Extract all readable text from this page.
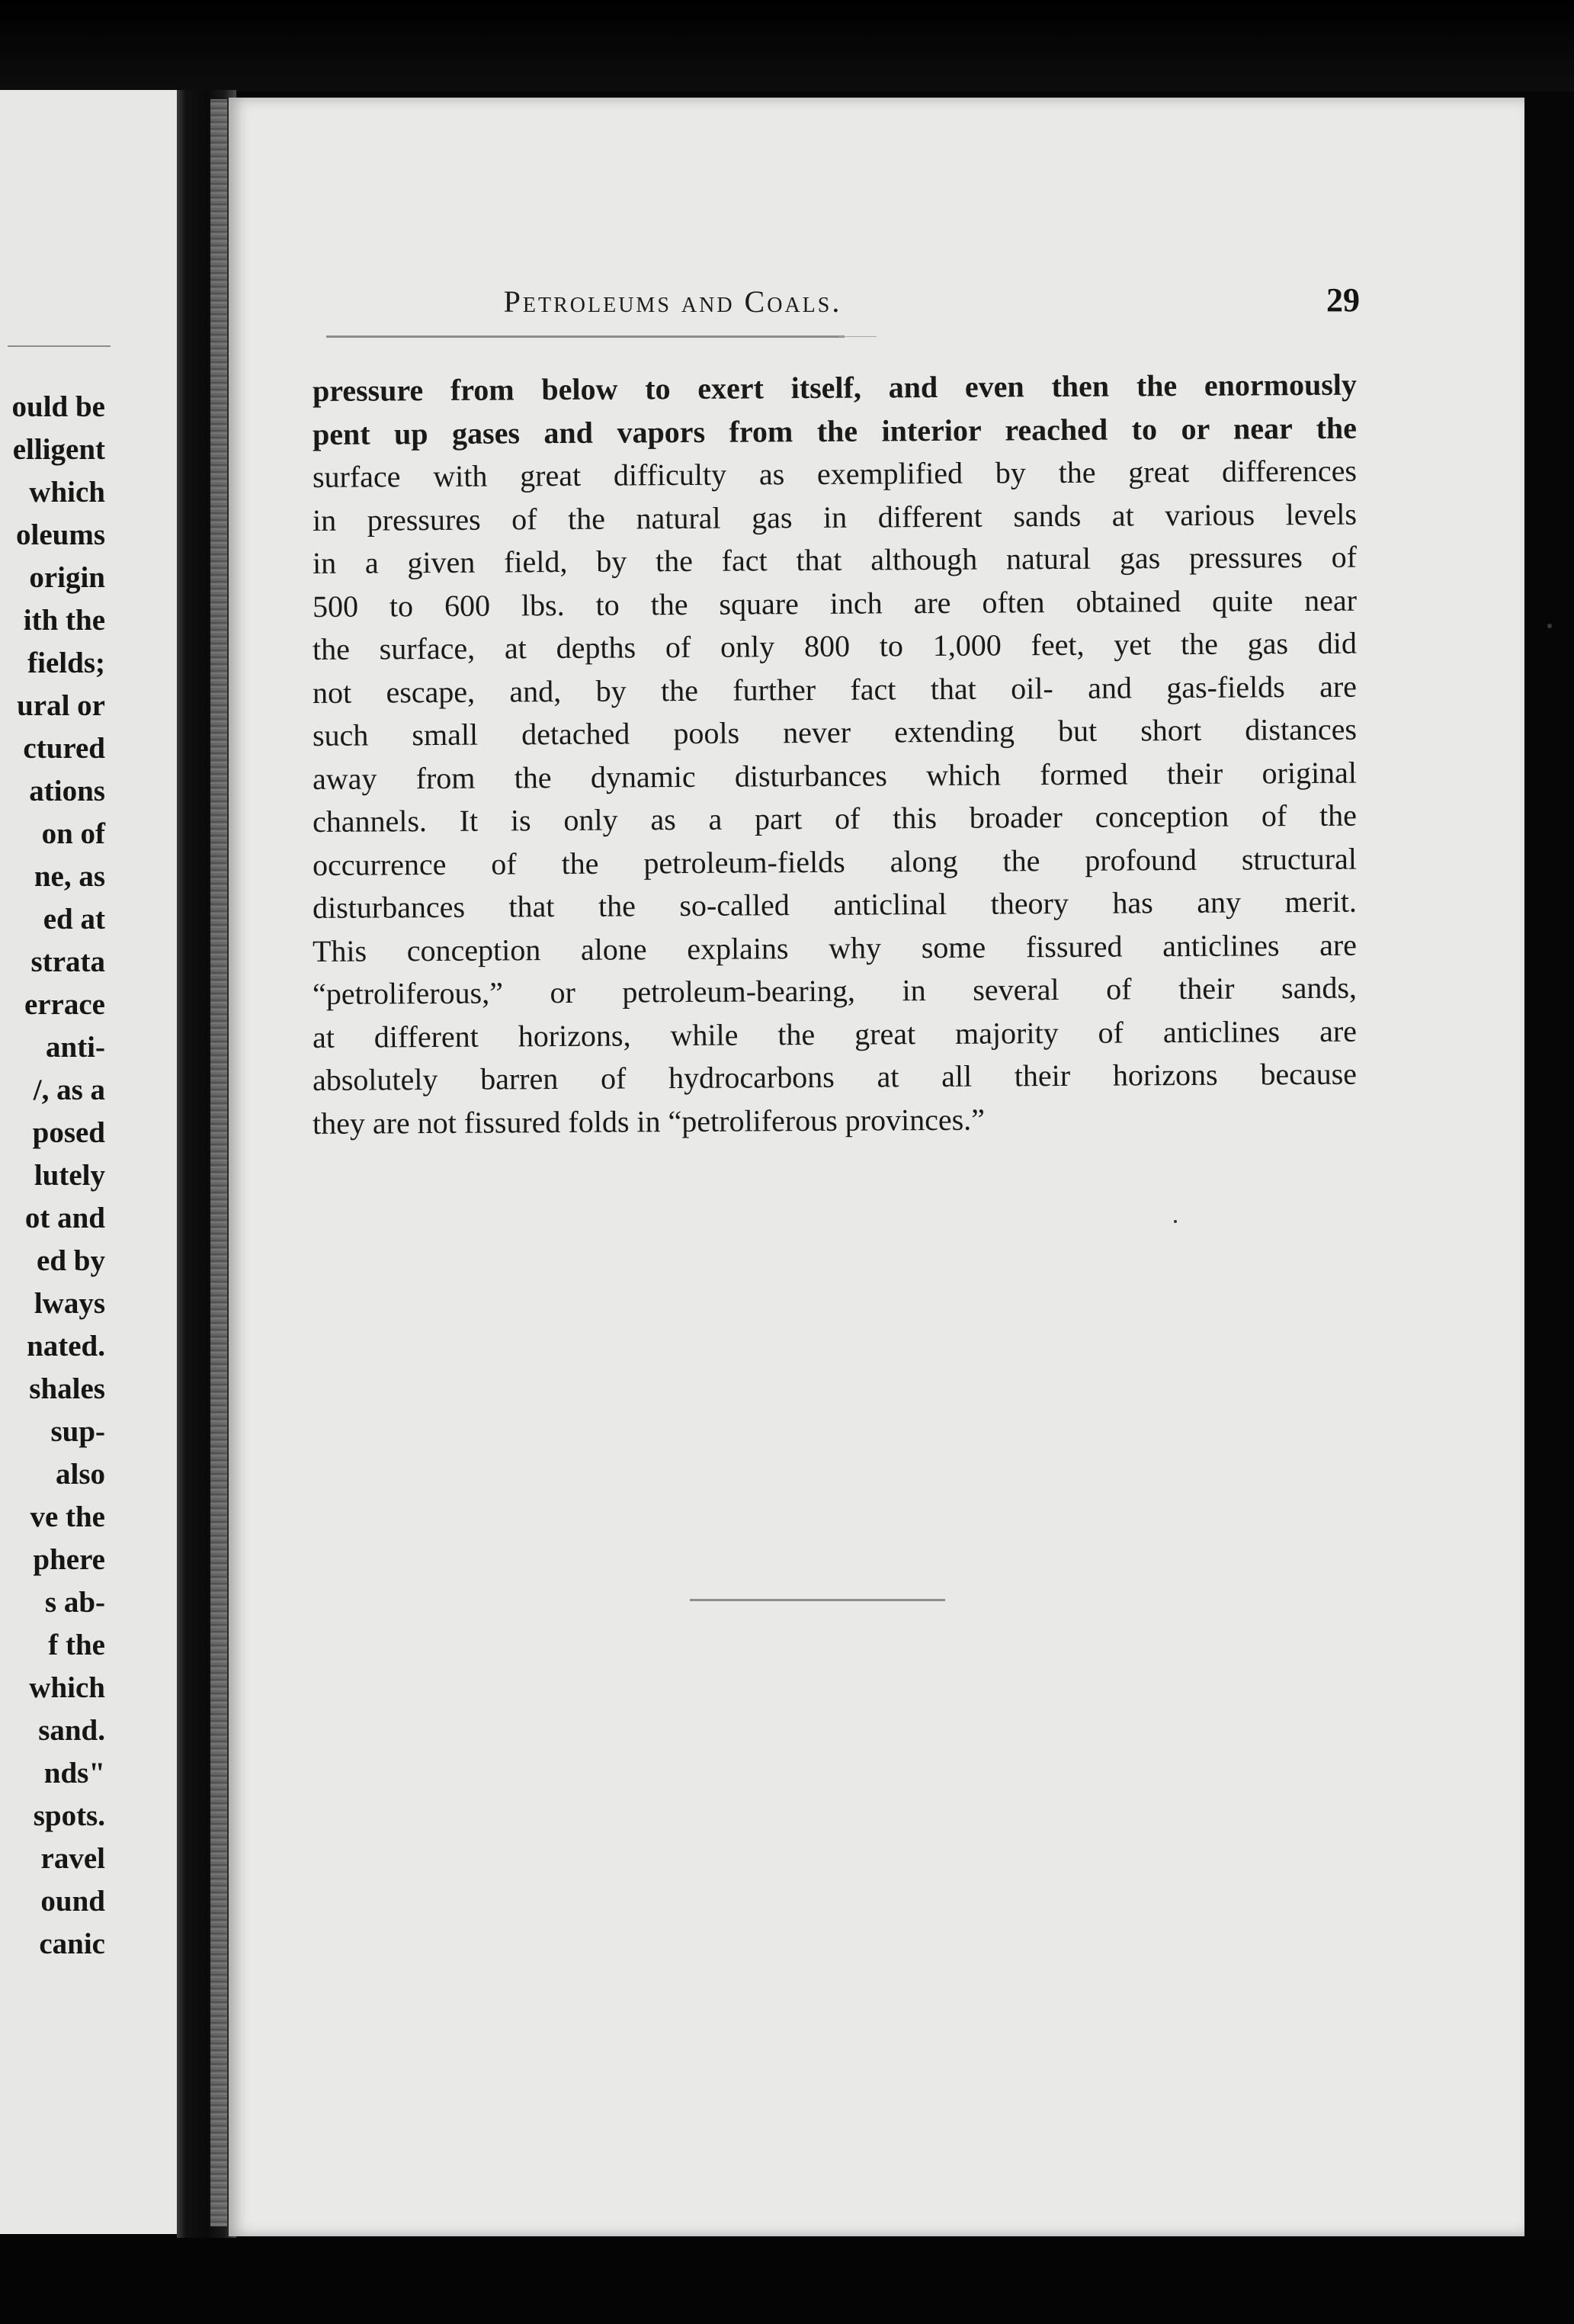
ould be
elligent
which
oleums
origin
ith the
fields;
ural or
ctured
ations
on of
ne, as
ed at
strata
errace
anti-
/, as a
posed
lutely
ot and
ed by
lways
nated.
shales
sup-
also
ve the
phere
s ab-
f the
which
sand.
nds"
spots.
ravel
ound
canic
Petroleums and Coals.	29
pressure from below to exert itself, and even then the enormously
pent up gases and vapors from the interior reached to or near the
surface with great difficulty as exemplified by the great differences
in pressures of the natural gas in different sands at various levels
in a given field, by the fact that although natural gas pressures of
500 to 600 lbs. to the square inch are often obtained quite near
the surface, at depths of only 800 to 1,000 feet, yet the gas did
not escape, and, by the further fact that oil- and gas-fields are
such small detached pools never extending but short distances
away from the dynamic disturbances which formed their original
channels. It is only as a part of this broader conception of the
occurrence of the petroleum-fields along the profound structural
disturbances that the so-called anticlinal theory has any merit.
This conception alone explains why some fissured anticlines are
“petroliferous,” or petroleum-bearing, in several of their sands,
at different horizons, while the great majority of anticlines are
absolutely barren of hydrocarbons at all their horizons because
they are not fissured folds in “petroliferous provinces.”
